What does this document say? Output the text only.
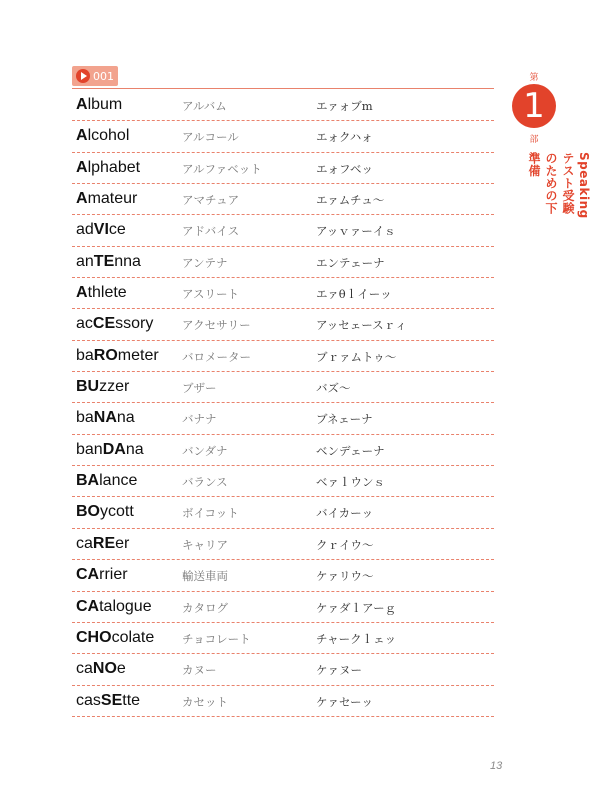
001
Album	アルバム	エァォブm
Alcohol	アルコール	エォクハォ
Alphabet	アルファベット	エォフベッ
Amateur	アマチュア	エァムチュ～
adVIce	アドバイス	アッｖァーイｓ
anTEnna	アンテナ	エンテェーナ
Athlete	アスリート	エァθｌイーッ
acCEssory アクセサリー	アッセェースｒィ
baROmeter バロメーター	ブｒァムトゥ～
BUzzer	ブザー	バズ～
baNAna	バナナ	ブネェーナ
banDAna	バンダナ	ベンデェーナ
BAlance	バランス	ベァｌウンｓ
BOycott	ボイコット	バイカーッ
caREer	キャリア	クｒイウ～
CArrier	輸送車両	ケァリウ～
CAtalogue	カタログ	ケァダｌアーｇ
CHOcolate チョコレート	チャークｌェッ
caNOe	カヌー	ケァヌー
casSEtte	カセット	ケァセーッ
第
1
部
Speakingテスト受験のための下準備
13
